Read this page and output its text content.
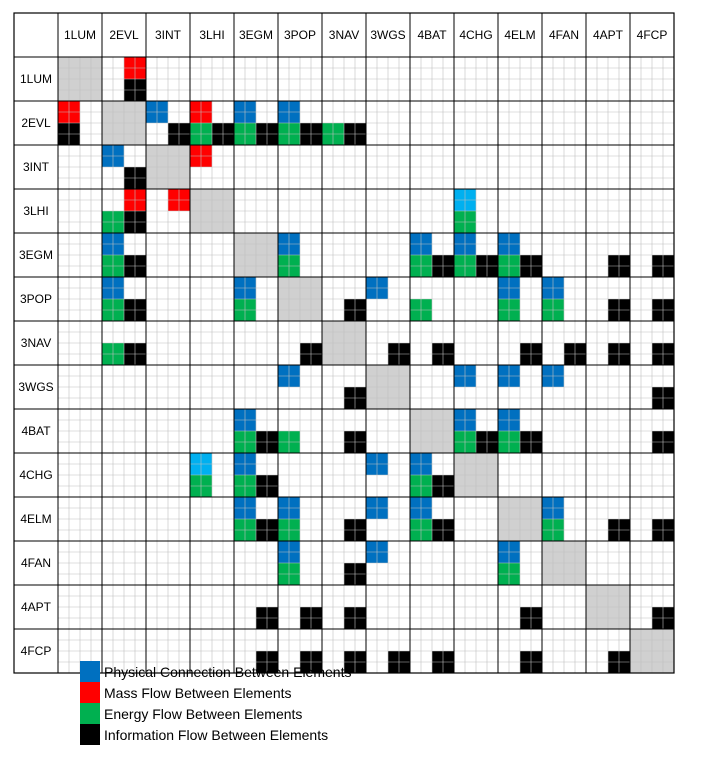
1LUM 2EVL 3INT 3LHI 3EGM 3POP 3NAV 3WGS 4BAT 4CHG 4ELM 4FAN 4APT 4FCP
1LUM
2EVL
3INT
3LHI
3EGM
3POP
3NAV
3WGS
4BAT
4CHG
4ELM
4FAN
4APT
4FCP
Physical Connection Between Elements
Mass Flow Between Elements
Energy Flow Between Elements
Information Flow Between Elements
